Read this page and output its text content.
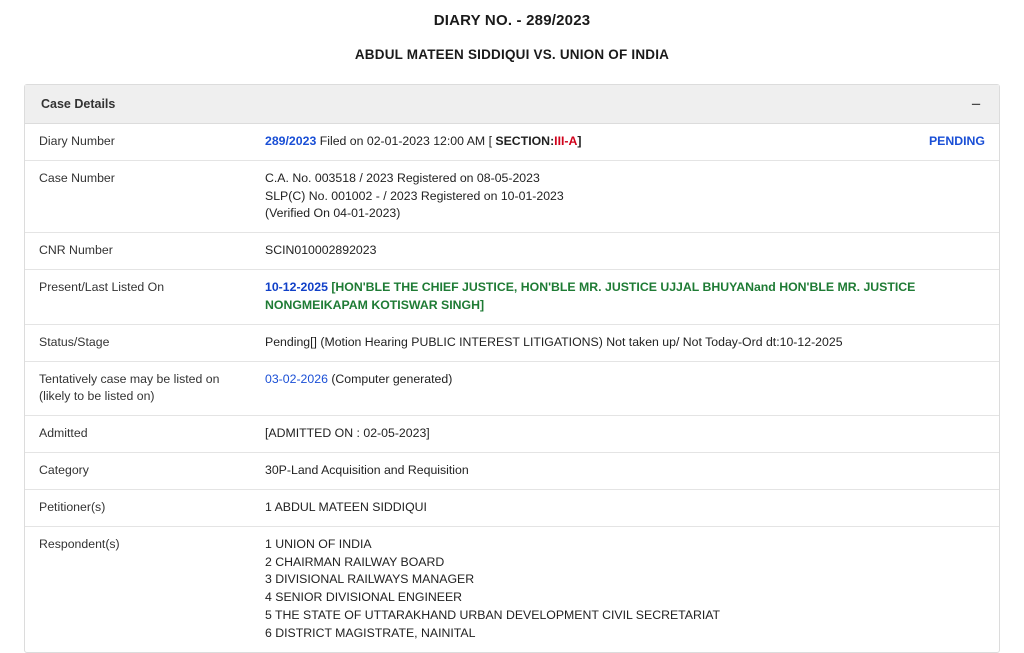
DIARY NO. - 289/2023
ABDUL MATEEN SIDDIQUI VS. UNION OF INDIA
Case Details	−
Diary Number	289/2023 Filed on 02-01-2023 12:00 AM [ SECTION:III-A] PENDING

Case Number	C.A. No. 003518 / 2023 Registered on 08-05-2023
SLP(C) No. 001002 - / 2023 Registered on 10-01-2023
(Verified On 04-01-2023)

CNR Number	SCIN010002892023
Present/Last Listed On	10-12-2025 [HON'BLE THE CHIEF JUSTICE, HON'BLE MR. JUSTICE UJJAL BHUYANand HON'BLE MR. JUSTICE NONGMEIKAPAM KOTISWAR SINGH]
Status/Stage	Pending[] (Motion Hearing PUBLIC INTEREST LITIGATIONS) Not taken up/ Not Today-Ord dt:10-12-2025
Tentatively case may be listed on (likely to be listed on)	03-02-2026 (Computer generated)
Admitted	[ADMITTED ON : 02-05-2023]
Category	30P-Land Acquisition and Requisition
Petitioner(s)	1 ABDUL MATEEN SIDDIQUI
Respondent(s)	1 UNION OF INDIA
2 CHAIRMAN RAILWAY BOARD
3 DIVISIONAL RAILWAYS MANAGER
4 SENIOR DIVISIONAL ENGINEER
5 THE STATE OF UTTARAKHAND URBAN DEVELOPMENT CIVIL SECRETARIAT
6 DISTRICT MAGISTRATE, NAINITAL
